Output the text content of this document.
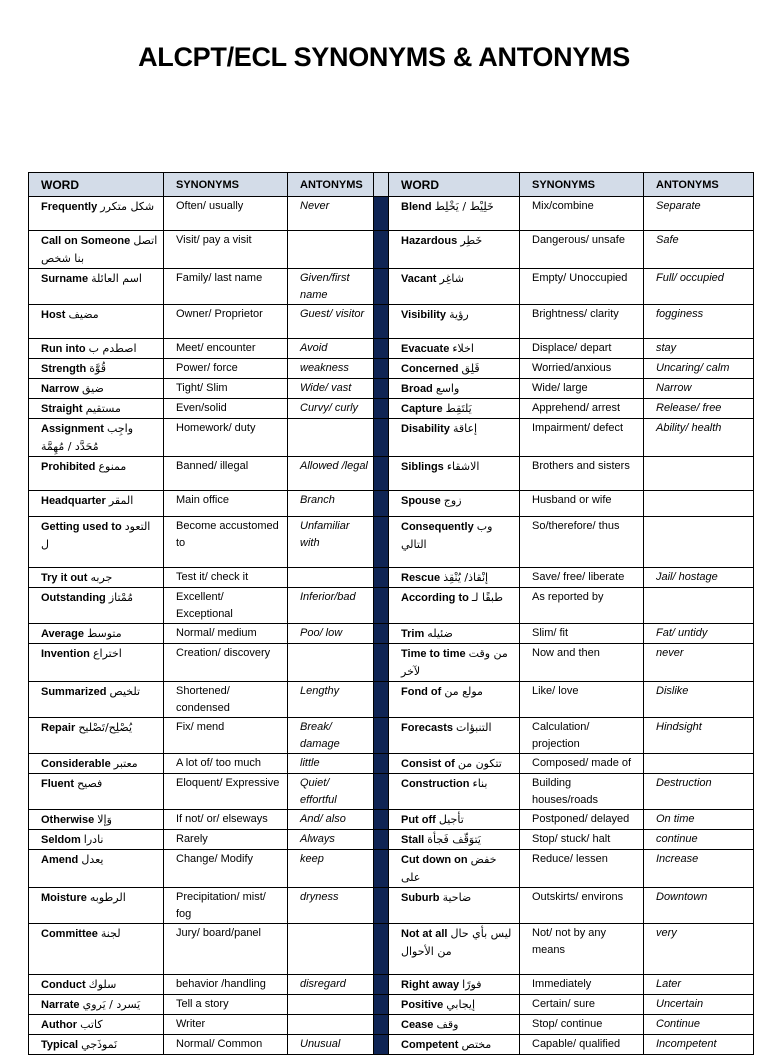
ALCPT/ECL SYNONYMS & ANTONYMS
WORD	SYNONYMS	ANTONYMS		WORD	SYNONYMS	ANTONYMS
Frequently شكل متكرر	Often/ usually	Never		Blend خَلِيْط / يَخْلِط	Mix/combine	Separate
Call on Someone اتصل بنا شخص	Visit/ pay a visit			Hazardous خَطِر	Dangerous/ unsafe	Safe
Surname اسم العائلة	Family/ last name	Given/first name		Vacant شاغِر	Empty/ Unoccupied	Full/ occupied
Host مضيف	Owner/ Proprietor	Guest/ visitor		Visibility رؤية	Brightness/ clarity	fogginess
Run into اصطدم ب	Meet/ encounter	Avoid		Evacuate اخلاء	Displace/ depart	stay
Strength قُوَّة	Power/ force	weakness		Concerned قَلِق	Worried/anxious	Uncaring/ calm
Narrow ضيق	Tight/ Slim	Wide/ vast		Broad واسع	Wide/ large	Narrow
Straight مستقيم	Even/solid	Curvy/ curly		Capture يَلتَقِط	Apprehend/ arrest	Release/ free
Assignment واجِب مُحَدَّد / مُهِمَّة	Homework/ duty			Disability إعاقة	Impairment/ defect	Ability/ health
Prohibited ممنوع	Banned/ illegal	Allowed /legal		Siblings الاشقاء	Brothers and sisters	
Headquarter المقر	Main office	Branch		Spouse زوج	Husband or wife	
Getting used to التعود ل	Become accustomed to	Unfamiliar with		Consequently وب التالي	So/therefore/ thus	
Try it out جربه	Test it/ check it			Rescue إنْقاذ/ يُنْقِذ	Save/ free/ liberate	Jail/ hostage
Outstanding مُمْتاز	Excellent/ Exceptional	Inferior/bad		According to طبقًا لـ	As reported by	
Average متوسط	Normal/ medium	Poo/ low		Trim ضئيله	Slim/ fit	Fat/ untidy
Invention اختراع	Creation/ discovery			Time to time من وقت لآخر	Now and then	never
Summarized تلخيص	Shortened/ condensed	Lengthy		Fond of مولع من	Like/ love	Dislike
Repair يُصْلِح/تَصْليح	Fix/ mend	Break/ damage		Forecasts التنبؤات	Calculation/ projection	Hindsight
Considerable معتبر	A lot of/ too much	little		Consist of تتكون من	Composed/ made of	
Fluent فصيح	Eloquent/ Expressive	Quiet/ effortful		Construction بناء	Building houses/roads	Destruction
Otherwise وَإلا	If not/ or/ elseways	And/ also		Put off تأجيل	Postponed/ delayed	On time
Seldom نادرا	Rarely	Always		Stall يَتوَقّف فَجأة	Stop/ stuck/ halt	continue
Amend يعدل	Change/ Modify	keep		Cut down on خفض على	Reduce/ lessen	Increase
Moisture الرطوبه	Precipitation/ mist/ fog	dryness		Suburb ضاحية	Outskirts/ environs	Downtown
Committee لجنة	Jury/ board/panel			Not at all ليس بأي حال من الأحوال	Not/ not by any means	very
Conduct سلوك	behavior /handling	disregard		Right away فورًا	Immediately	Later
Narrate يَسرد / يَروي	Tell a story			Positive إيجابي	Certain/ sure	Uncertain
Author كاتب	Writer			Cease وقف	Stop/ continue	Continue
Typical نَموذَجي	Normal/ Common	Unusual		Competent مختص	Capable/ qualified	Incompetent
